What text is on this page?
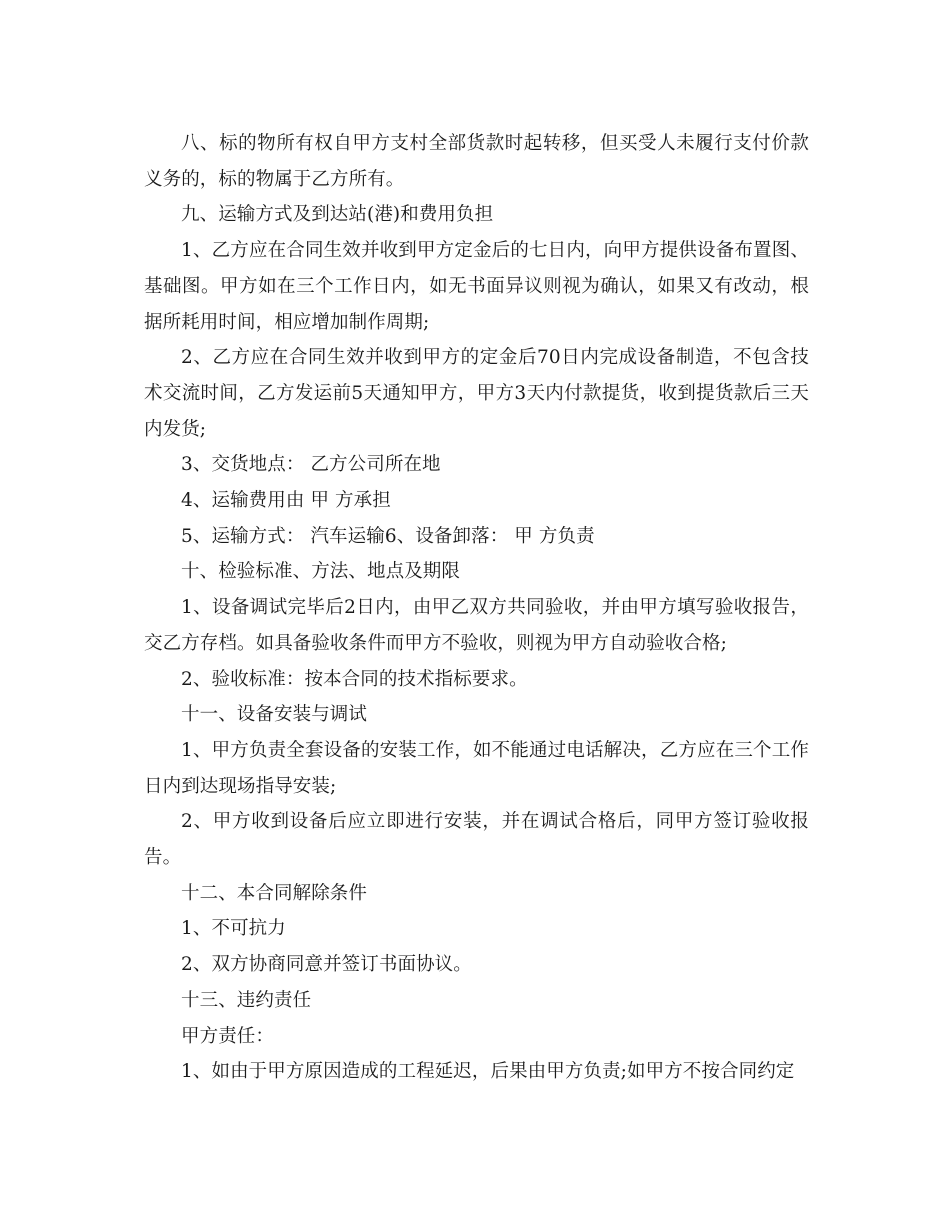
八、标的物所有权自甲方支村全部货款时起转移，但买受人未履行支付价款义务的，标的物属于乙方所有。

九、运输方式及到达站(港)和费用负担

1、乙方应在合同生效并收到甲方定金后的七日内，向甲方提供设备布置图、基础图。甲方如在三个工作日内，如无书面异议则视为确认，如果又有改动，根据所耗用时间，相应增加制作周期;

2、乙方应在合同生效并收到甲方的定金后70日内完成设备制造，不包含技术交流时间，乙方发运前5天通知甲方，甲方3天内付款提货，收到提货款后三天内发货;

3、交货地点： 乙方公司所在地

4、运输费用由 甲 方承担

5、运输方式： 汽车运输6、设备卸落： 甲 方负责

十、检验标准、方法、地点及期限

1、设备调试完毕后2日内，由甲乙双方共同验收，并由甲方填写验收报告，交乙方存档。如具备验收条件而甲方不验收，则视为甲方自动验收合格;

2、验收标准：按本合同的技术指标要求。

十一、设备安装与调试

1、甲方负责全套设备的安装工作，如不能通过电话解决，乙方应在三个工作日内到达现场指导安装;

2、甲方收到设备后应立即进行安装，并在调试合格后，同甲方签订验收报告。

十二、本合同解除条件

1、不可抗力

2、双方协商同意并签订书面协议。

十三、违约责任

甲方责任：

1、如由于甲方原因造成的工程延迟，后果由甲方负责;如甲方不按合同约定
